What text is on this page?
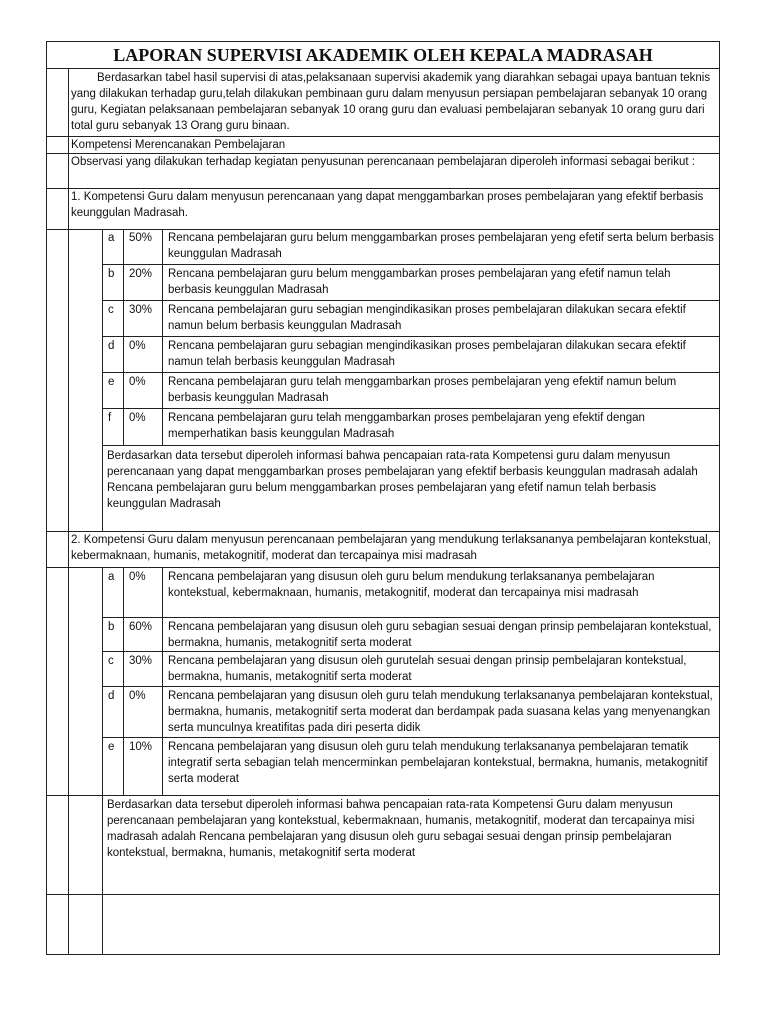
LAPORAN SUPERVISI AKADEMIK OLEH KEPALA MADRASAH
Berdasarkan tabel hasil supervisi di atas,pelaksanaan supervisi akademik yang diarahkan sebagai upaya bantuan teknis yang dilakukan terhadap guru,telah dilakukan pembinaan guru dalam menyusun persiapan pembelajaran sebanyak 10 orang guru, Kegiatan pelaksanaan pembelajaran sebanyak 10 orang guru dan evaluasi pembelajaran sebanyak 10 orang guru dari total guru sebanyak 13 Orang guru binaan.
Kompetensi Merencanakan Pembelajaran
Observasi yang dilakukan terhadap kegiatan penyusunan perencanaan pembelajaran diperoleh informasi sebagai berikut :
1. Kompetensi Guru dalam menyusun perencanaan yang dapat menggambarkan proses pembelajaran yang efektif berbasis keunggulan Madrasah.
a	50%	Rencana pembelajaran guru belum menggambarkan proses pembelajaran yeng efetif serta belum berbasis keunggulan Madrasah
b	20%	Rencana pembelajaran guru belum menggambarkan proses pembelajaran yang efetif namun telah berbasis keunggulan Madrasah
c	30%	Rencana pembelajaran guru sebagian mengindikasikan proses pembelajaran dilakukan secara efektif namun belum berbasis keunggulan Madrasah
d	0%	Rencana pembelajaran guru sebagian mengindikasikan proses pembelajaran dilakukan secara efektif namun telah berbasis keunggulan Madrasah
e	0%	Rencana pembelajaran guru telah menggambarkan proses pembelajaran yeng efektif namun belum berbasis keunggulan Madrasah
f	0%	Rencana pembelajaran guru telah menggambarkan proses pembelajaran yeng efektif dengan memperhatikan basis keunggulan Madrasah
Berdasarkan data tersebut diperoleh informasi bahwa pencapaian rata-rata Kompetensi guru dalam menyusun perencanaan yang dapat menggambarkan proses pembelajaran yang efektif berbasis keunggulan madrasah adalah Rencana pembelajaran guru belum menggambarkan proses pembelajaran yang efetif namun telah berbasis keunggulan Madrasah
2. Kompetensi Guru dalam menyusun perencanaan pembelajaran yang mendukung terlaksananya pembelajaran kontekstual, kebermaknaan, humanis, metakognitif, moderat dan tercapainya misi madrasah
a	0%	Rencana pembelajaran yang disusun oleh guru belum mendukung terlaksananya pembelajaran kontekstual, kebermaknaan, humanis, metakognitif, moderat dan tercapainya misi madrasah
b	60%	Rencana pembelajaran yang disusun oleh guru sebagian sesuai dengan prinsip pembelajaran kontekstual, bermakna, humanis, metakognitif serta moderat
c	30%	Rencana pembelajaran yang disusun oleh gurutelah sesuai dengan prinsip pembelajaran kontekstual, bermakna, humanis, metakognitif serta moderat
d	0%	Rencana pembelajaran yang disusun oleh guru telah mendukung terlaksananya pembelajaran kontekstual, bermakna, humanis, metakognitif serta moderat dan berdampak pada suasana kelas yang menyenangkan serta munculnya kreatifitas pada diri peserta didik
e	10%	Rencana pembelajaran yang disusun oleh guru telah mendukung terlaksananya pembelajaran tematik integratif serta sebagian telah mencerminkan pembelajaran kontekstual, bermakna, humanis, metakognitif serta moderat
Berdasarkan data tersebut diperoleh informasi bahwa pencapaian rata-rata Kompetensi Guru dalam menyusun perencanaan pembelajaran yang kontekstual, kebermaknaan, humanis, metakognitif, moderat dan tercapainya misi madrasah adalah Rencana pembelajaran yang disusun oleh guru sebagai sesuai dengan prinsip pembelajaran kontekstual, bermakna, humanis, metakognitif serta moderat
